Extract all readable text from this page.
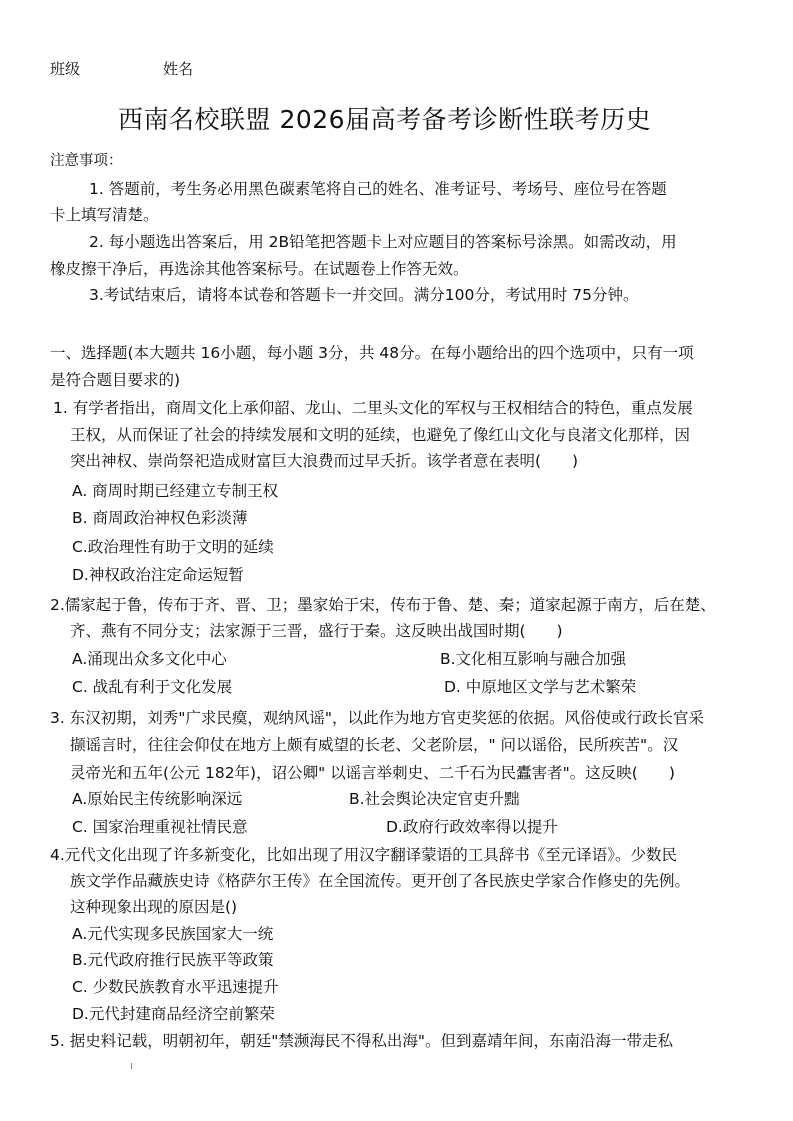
班级	姓名
西南名校联盟 2026届高考备考诊断性联考历史
注意事项：
1. 答题前，考生务必用黑色碳素笔将自己的姓名、准考证号、考场号、座位号在答题
卡上填写清楚。
2. 每小题选出答案后，用 2B铅笔把答题卡上对应题目的答案标号涂黑。如需改动，用
橡皮擦干净后，再选涂其他答案标号。在试题卷上作答无效。
3.考试结束后，请将本试卷和答题卡一并交回。满分100分，考试用时 75分钟。
一、选择题(本大题共 16小题，每小题 3分，共 48分。在每小题给出的四个选项中，只有一项
是符合题目要求的)
1. 有学者指出，商周文化上承仰韶、龙山、二里头文化的军权与王权相结合的特色，重点发展
王权，从而保证了社会的持续发展和文明的延续，也避免了像红山文化与良渚文化那样，因
突出神权、崇尚祭祀造成财富巨大浪费而过早夭折。该学者意在表明(　　)
A. 商周时期已经建立专制王权
B. 商周政治神权色彩淡薄
C.政治理性有助于文明的延续
D.神权政治注定命运短暂
2.儒家起于鲁，传布于齐、晋、卫；墨家始于宋，传布于鲁、楚、秦；道家起源于南方，后在楚、
齐、燕有不同分支；法家源于三晋，盛行于秦。这反映出战国时期(　　)
A.涌现出众多文化中心	B.文化相互影响与融合加强
C. 战乱有利于文化发展	D. 中原地区文学与艺术繁荣
3. 东汉初期，刘秀"广求民瘼，观纳风谣"，以此作为地方官吏奖惩的依据。风俗使或行政长官采
撷谣言时，往往会仰仗在地方上颇有威望的长老、父老阶层，" 问以谣俗，民所疾苦"。汉
灵帝光和五年(公元 182年)，诏公卿" 以谣言举刺史、二千石为民蠹害者"。这反映(　　)
A.原始民主传统影响深远	B.社会舆论决定官吏升黜
C. 国家治理重视社情民意	D.政府行政效率得以提升
4.元代文化出现了许多新变化，比如出现了用汉字翻译蒙语的工具辞书《至元译语》。少数民
族文学作品藏族史诗《格萨尔王传》在全国流传。更开创了各民族史学家合作修史的先例。
这种现象出现的原因是()
A.元代实现多民族国家大一统
B.元代政府推行民族平等政策
C. 少数民族教育水平迅速提升
D.元代封建商品经济空前繁荣
5. 据史料记载，明朝初年，朝廷"禁濒海民不得私出海"。但到嘉靖年间，东南沿海一带走私
